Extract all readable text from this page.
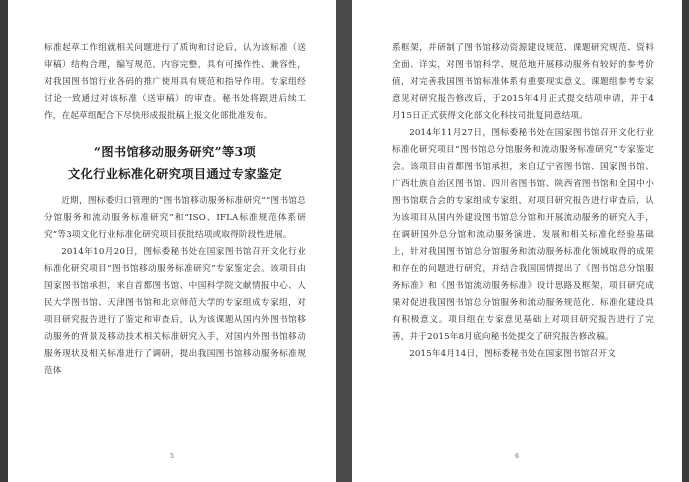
标准起草工作组就相关问题进行了质询和讨论后，认为该标准（送审稿）结构合理，编写规范，内容完整，具有可操作性、兼容性，对我国图书馆行业各码的推广使用具有规范和指导作用。专家组经讨论一致通过对该标准（送审稿）的审查。秘书处将跟进后续工作，在起草组配合下尽快形成报批稿上报文化部批准发布。

“图书馆移动服务研究”等3项

文化行业标准化研究项目通过专家鉴定

近期，图标委归口管理的“图书馆移动服务标准研究”“图书馆总分馆服务和流动服务标准研究”和“ISO、IFLA标准规范体系研究”等3项文化行业标准化研究项目获批结项或取得阶段性进展。

2014年10月20日，图标委秘书处在国家图书馆召开文化行业标准化研究项目“图书馆移动服务标准研究”专家鉴定会。该项目由国家图书馆承担，来自首都图书馆、中国科学院文献情报中心、人民大学图书馆、天津图书馆和北京师范大学的专家组成专家组，对项目研究报告进行了鉴定和审查后，认为该课题从国内外图书馆移动服务的背景及移动技术相关标准研究入手，对国内外图书馆移动服务现状及相关标准进行了调研，提出我国图书馆移动服务标准规范体

5

系框架，并研制了图书馆移动资源建设规范、课题研究规范、资料全面、详实，对图书馆科学、规范地开展移动服务有较好的参考价值，对完善我国图书馆标准体系有重要现实意义。课题组参考专家意见对研究报告修改后，于2015年4月正式提交结项申请，并于4月15日正式获得文化部文化科技司批复同意结项。

2014年11月27日，图标委秘书处在国家图书馆召开文化行业标准化研究项目“图书馆总分馆服务和流动服务标准研究”专家鉴定会。该项目由首都图书馆承担，来自辽宁省图书馆、国家图书馆、广西壮族自治区图书馆、四川省图书馆、陕西省图书馆和全国中小图书馆联合会的专家组成专家组，对项目研究报告进行审查后，认为该项目从国内外建设图书馆总分馆和开展流动服务的研究入手，在调研国外总分馆和流动服务演进、发展和相关标准化经验基础上，针对我国图书馆总分馆服务和流动服务标准化领域取得的成果和存在的问题进行研究，并结合我国国情提出了《图书馆总分馆服务标准》和《图书馆流动服务标准》设计思路及框架，项目研究成果对促进我国图书馆总分馆服务和流动服务规范化、标准化建设具有积极意义。项目组在专家意见基础上对项目研究报告进行了完善，并于2015年8月底向秘书处提交了研究报告修改稿。

2015年4月14日，图标委秘书处在国家图书馆召开文

6
